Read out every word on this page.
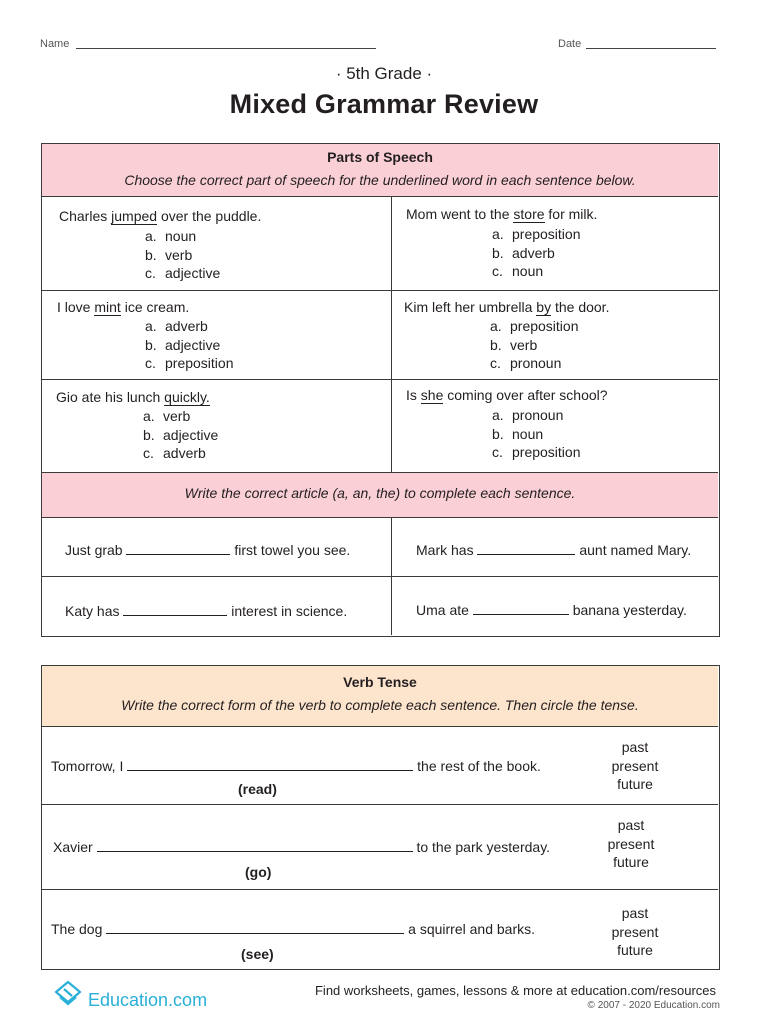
Name	Date
· 5th Grade ·
Mixed Grammar Review
Parts of Speech
Choose the correct part of speech for the underlined word in each sentence below.
Charles jumped over the puddle.
a. noun
b. verb
c. adjective
Mom went to the store for milk.
a. preposition
b. adverb
c. noun
I love mint ice cream.
a. adverb
b. adjective
c. preposition
Kim left her umbrella by the door.
a. preposition
b. verb
c. pronoun
Gio ate his lunch quickly.
a. verb
b. adjective
c. adverb
Is she coming over after school?
a. pronoun
b. noun
c. preposition
Write the correct article (a, an, the) to complete each sentence.
Just grab	first towel you see.	Mark has	aunt named Mary.
Katy has	interest in science.	Uma ate	banana yesterday.
Verb Tense
Write the correct form of the verb to complete each sentence. Then circle the tense.
Tomorrow, I	the rest of the book.
(read)
past
present
future
Xavier	to the park yesterday.
(go)
past
present
future
The dog	a squirrel and barks.
(see)
past
present
future
Education.com	Find worksheets, games, lessons & more at education.com/resources
© 2007 - 2020 Education.com
